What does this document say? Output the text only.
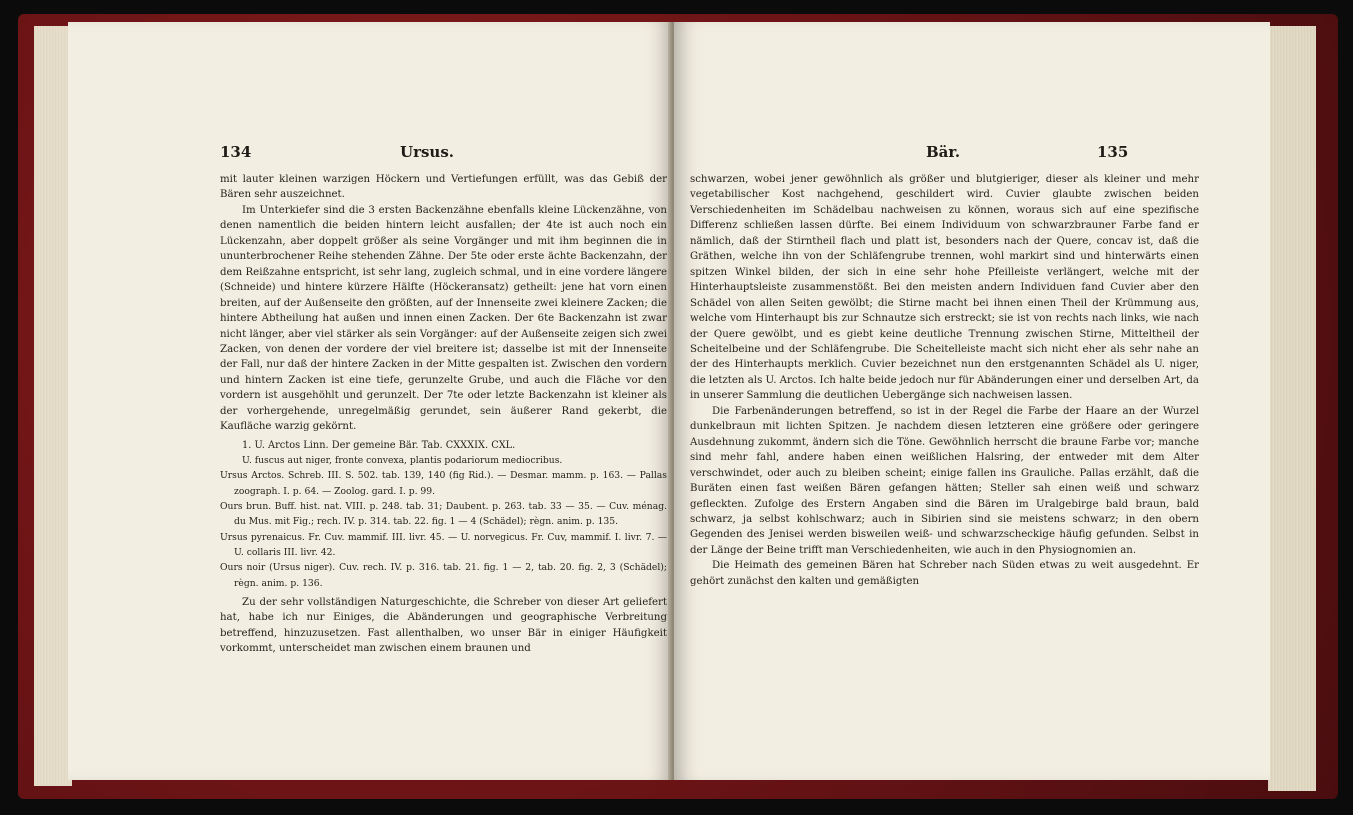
134	Ursus.

mit lauter kleinen warzigen Höckern und Vertiefungen erfüllt, was das Gebiß der Bären sehr auszeichnet.

Im Unterkiefer sind die 3 ersten Backenzähne ebenfalls kleine Lückenzähne, von denen namentlich die beiden hintern leicht ausfallen; der 4te ist auch noch ein Lückenzahn, aber doppelt größer als seine Vorgänger und mit ihm beginnen die in ununterbrochener Reihe stehenden Zähne. Der 5te oder erste ächte Backenzahn, der dem Reißzahne entspricht, ist sehr lang, zugleich schmal, und in eine vordere längere (Schneide) und hintere kürzere Hälfte (Höckeransatz) getheilt: jene hat vorn einen breiten, auf der Außenseite den größten, auf der Innenseite zwei kleinere Zacken; die hintere Abtheilung hat außen und innen einen Zacken. Der 6te Backenzahn ist zwar nicht länger, aber viel stärker als sein Vorgänger: auf der Außenseite zeigen sich zwei Zacken, von denen der vordere der viel breitere ist; dasselbe ist mit der Innenseite der Fall, nur daß der hintere Zacken in der Mitte gespalten ist. Zwischen den vordern und hintern Zacken ist eine tiefe, gerunzelte Grube, und auch die Fläche vor den vordern ist ausgehöhlt und gerunzelt. Der 7te oder letzte Backenzahn ist kleiner als der vorhergehende, unregelmäßig gerundet, sein äußerer Rand gekerbt, die Kaufläche warzig gekörnt.

1. U. Arctos Linn. Der gemeine Bär. Tab. CXXXIX. CXL.

U. fuscus aut niger, fronte convexa, plantis podariorum mediocribus.

Ursus Arctos. Schreb. III. S. 502. tab. 139, 140 (fig Rid.). — Desmar. mamm. p. 163. — Pallas zoograph. I. p. 64. — Zoolog. gard. I. p. 99.

Ours brun. Buff. hist. nat. VIII. p. 248. tab. 31; Daubent. p. 263. tab. 33 — 35. — Cuv. ménag. du Mus. mit Fig.; rech. IV. p. 314. tab. 22. fig. 1 — 4 (Schädel); règn. anim. p. 135.

Ursus pyrenaicus. Fr. Cuv. mammif. III. livr. 45. — U. norvegicus. Fr. Cuv, mammif. I. livr. 7. — U. collaris III. livr. 42.

Ours noir (Ursus niger). Cuv. rech. IV. p. 316. tab. 21. fig. 1 — 2, tab. 20. fig. 2, 3 (Schädel); règn. anim. p. 136.

Zu der sehr vollständigen Naturgeschichte, die Schreber von dieser Art geliefert hat, habe ich nur Einiges, die Abänderungen und geographische Verbreitung betreffend, hinzuzusetzen. Fast allenthalben, wo unser Bär in einiger Häufigkeit vorkommt, unterscheidet man zwischen einem braunen und

Bär.	135

schwarzen, wobei jener gewöhnlich als größer und blutgieriger, dieser als kleiner und mehr vegetabilischer Kost nachgehend, geschildert wird. Cuvier glaubte zwischen beiden Verschiedenheiten im Schädelbau nachweisen zu können, woraus sich auf eine spezifische Differenz schließen lassen dürfte. Bei einem Individuum von schwarzbrauner Farbe fand er nämlich, daß der Stirntheil flach und platt ist, besonders nach der Quere, concav ist, daß die Gräthen, welche ihn von der Schläfengrube trennen, wohl markirt sind und hinterwärts einen spitzen Winkel bilden, der sich in eine sehr hohe Pfeilleiste verlängert, welche mit der Hinterhauptsleiste zusammenstößt. Bei den meisten andern Individuen fand Cuvier aber den Schädel von allen Seiten gewölbt; die Stirne macht bei ihnen einen Theil der Krümmung aus, welche vom Hinterhaupt bis zur Schnautze sich erstreckt; sie ist von rechts nach links, wie nach der Quere gewölbt, und es giebt keine deutliche Trennung zwischen Stirne, Mitteltheil der Scheitelbeine und der Schläfengrube. Die Scheitelleiste macht sich nicht eher als sehr nahe an der des Hinterhaupts merklich. Cuvier bezeichnet nun den erstgenannten Schädel als U. niger, die letzten als U. Arctos. Ich halte beide jedoch nur für Abänderungen einer und derselben Art, da in unserer Sammlung die deutlichen Uebergänge sich nachweisen lassen.

Die Farbenänderungen betreffend, so ist in der Regel die Farbe der Haare an der Wurzel dunkelbraun mit lichten Spitzen. Je nachdem diesen letzteren eine größere oder geringere Ausdehnung zukommt, ändern sich die Töne. Gewöhnlich herrscht die braune Farbe vor; manche sind mehr fahl, andere haben einen weißlichen Halsring, der entweder mit dem Alter verschwindet, oder auch zu bleiben scheint; einige fallen ins Grauliche. Pallas erzählt, daß die Buräten einen fast weißen Bären gefangen hätten; Steller sah einen weiß und schwarz gefleckten. Zufolge des Erstern Angaben sind die Bären im Uralgebirge bald braun, bald schwarz, ja selbst kohlschwarz; auch in Sibirien sind sie meistens schwarz; in den obern Gegenden des Jenisei werden bisweilen weiß- und schwarzscheckige häufig gefunden. Selbst in der Länge der Beine trifft man Verschiedenheiten, wie auch in den Physiognomien an.

Die Heimath des gemeinen Bären hat Schreber nach Süden etwas zu weit ausgedehnt. Er gehört zunächst den kalten und gemäßigten
